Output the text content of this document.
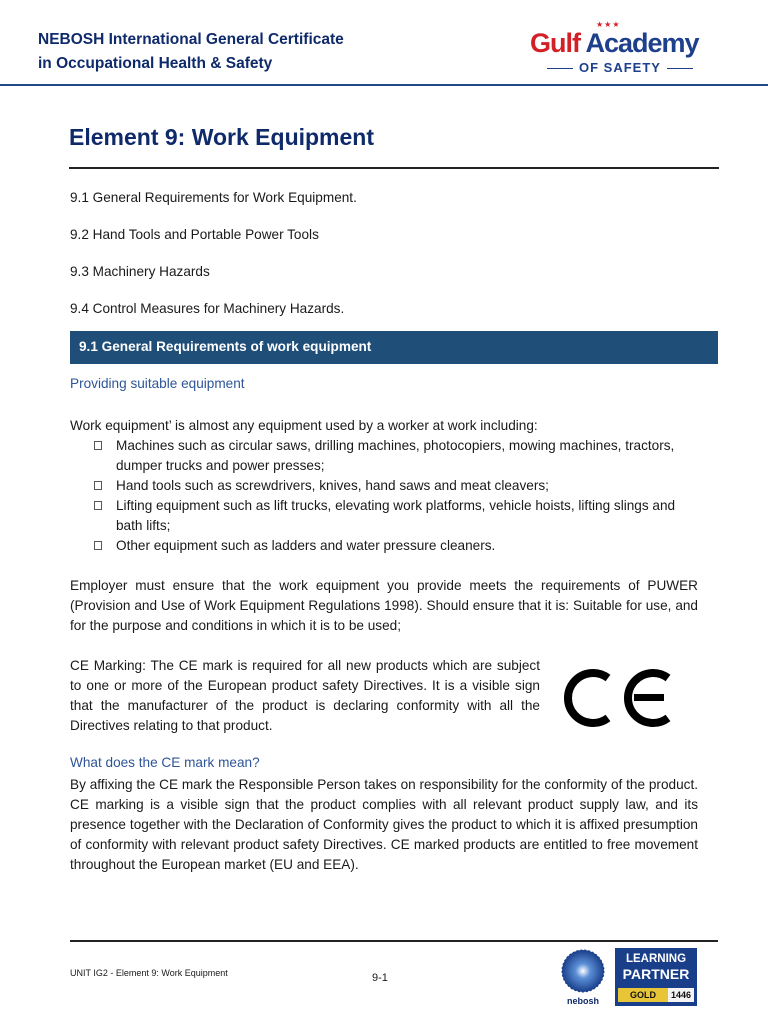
NEBOSH International General Certificate
in Occupational Health & Safety
★★★
Gulf Academy
OF SAFETY
Element 9: Work Equipment
9.1 General Requirements for Work Equipment.
9.2 Hand Tools and Portable Power Tools
9.3 Machinery Hazards
9.4 Control Measures for Machinery Hazards.
9.1 General Requirements of work equipment
Providing suitable equipment
Work equipment’ is almost any equipment used by a worker at work including:
Machines such as circular saws, drilling machines, photocopiers, mowing machines, tractors, dumper trucks and power presses;
Hand tools such as screwdrivers, knives, hand saws and meat cleavers;
Lifting equipment such as lift trucks, elevating work platforms, vehicle hoists, lifting slings and bath lifts;
Other equipment such as ladders and water pressure cleaners.
Employer must ensure that the work equipment you provide meets the requirements of PUWER (Provision and Use of Work Equipment Regulations 1998). Should ensure that it is: Suitable for use, and for the purpose and conditions in which it is to be used;
CE Marking: The CE mark is required for all new products which are subject to one or more of the European product safety Directives. It is a visible sign that the manufacturer of the product is declaring conformity with all the Directives relating to that product.
What does the CE mark mean?
By affixing the CE mark the Responsible Person takes on responsibility for the conformity of the product. CE marking is a visible sign that the product complies with all relevant product supply law, and its presence together with the Declaration of Conformity gives the product to which it is affixed presumption of conformity with relevant product safety Directives. CE marked products are entitled to free movement throughout the European market (EU and EEA).
UNIT IG2 - Element 9: Work Equipment	9-1
nebosh
LEARNING
PARTNER
GOLD	1446
